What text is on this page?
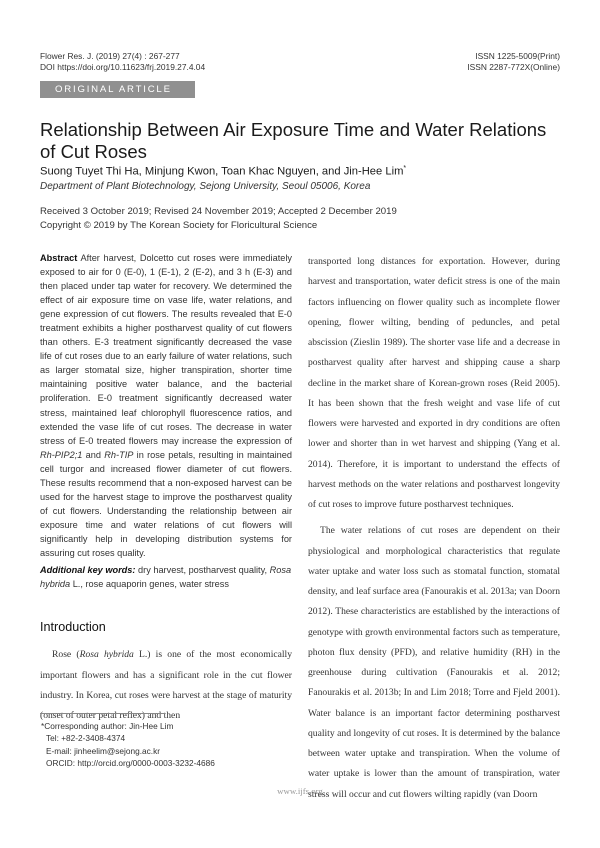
Flower Res. J. (2019) 27(4) : 267-277
DOI https://doi.org/10.11623/frj.2019.27.4.04
ISSN 1225-5009(Print)
ISSN 2287-772X(Online)
ORIGINAL ARTICLE
Relationship Between Air Exposure Time and Water Relations of Cut Roses
Suong Tuyet Thi Ha, Minjung Kwon, Toan Khac Nguyen, and Jin-Hee Lim*
Department of Plant Biotechnology, Sejong University, Seoul 05006, Korea
Received 3 October 2019; Revised 24 November 2019; Accepted 2 December 2019
Copyright © 2019 by The Korean Society for Floricultural Science

Abstract After harvest, Dolcetto cut roses were immediately exposed to air for 0 (E-0), 1 (E-1), 2 (E-2), and 3 h (E-3) and then placed under tap water for recovery. We determined the effect of air exposure time on vase life, water relations, and gene expression of cut flowers. The results revealed that E-0 treatment exhibits a higher postharvest quality of cut flowers than others. E-3 treatment significantly decreased the vase life of cut roses due to an early failure of water relations, such as larger stomatal size, higher transpiration, shorter time maintaining positive water balance, and the bacterial proliferation. E-0 treatment significantly decreased water stress, maintained leaf chlorophyll fluorescence ratios, and extended the vase life of cut roses. The decrease in water stress of E-0 treated flowers may increase the expression of Rh-PIP2;1 and Rh-TIP in rose petals, resulting in maintained cell turgor and increased flower diameter of cut flowers. These results recommend that a non-exposed harvest can be used for the harvest stage to improve the postharvest quality of cut flowers. Understanding the relationship between air exposure time and water relations of cut flowers will significantly help in developing distribution systems for assuring cut roses quality.

Additional key words: dry harvest, postharvest quality, Rosa hybrida L., rose aquaporin genes, water stress
Introduction

Rose (Rosa hybrida L.) is one of the most economically important flowers and has a significant role in the cut flower industry. In Korea, cut roses were harvest at the stage of maturity (onset of outer petal reflex) and then

transported long distances for exportation. However, during harvest and transportation, water deficit stress is one of the main factors influencing on flower quality such as incomplete flower opening, flower wilting, bending of peduncles, and petal abscission (Zieslin 1989). The shorter vase life and a decrease in postharvest quality after harvest and shipping cause a sharp decline in the market share of Korean-grown roses (Reid 2005). It has been shown that the fresh weight and vase life of cut flowers were harvested and exported in dry conditions are often lower and shorter than in wet harvest and shipping (Yang et al. 2014). Therefore, it is important to understand the effects of harvest methods on the water relations and postharvest longevity of cut roses to improve future postharvest techniques.

The water relations of cut roses are dependent on their physiological and morphological characteristics that regulate water uptake and water loss such as stomatal function, stomatal density, and leaf surface area (Fanourakis et al. 2013a; van Doorn 2012). These characteristics are established by the interactions of genotype with growth environmental factors such as temperature, photon flux density (PFD), and relative humidity (RH) in the greenhouse during cultivation (Fanourakis et al. 2012; Fanourakis et al. 2013b; In and Lim 2018; Torre and Fjeld 2001). Water balance is an important factor determining postharvest quality and longevity of cut roses. It is determined by the balance between water uptake and transpiration. When the volume of water uptake is lower than the amount of transpiration, water stress will occur and cut flowers wilting rapidly (van Doorn

*Corresponding author: Jin-Hee Lim
Tel: +82-2-3408-4374
E-mail: jinheelim@sejong.ac.kr
ORCID: http://orcid.org/0000-0003-3232-4686
www.ijfs.org
